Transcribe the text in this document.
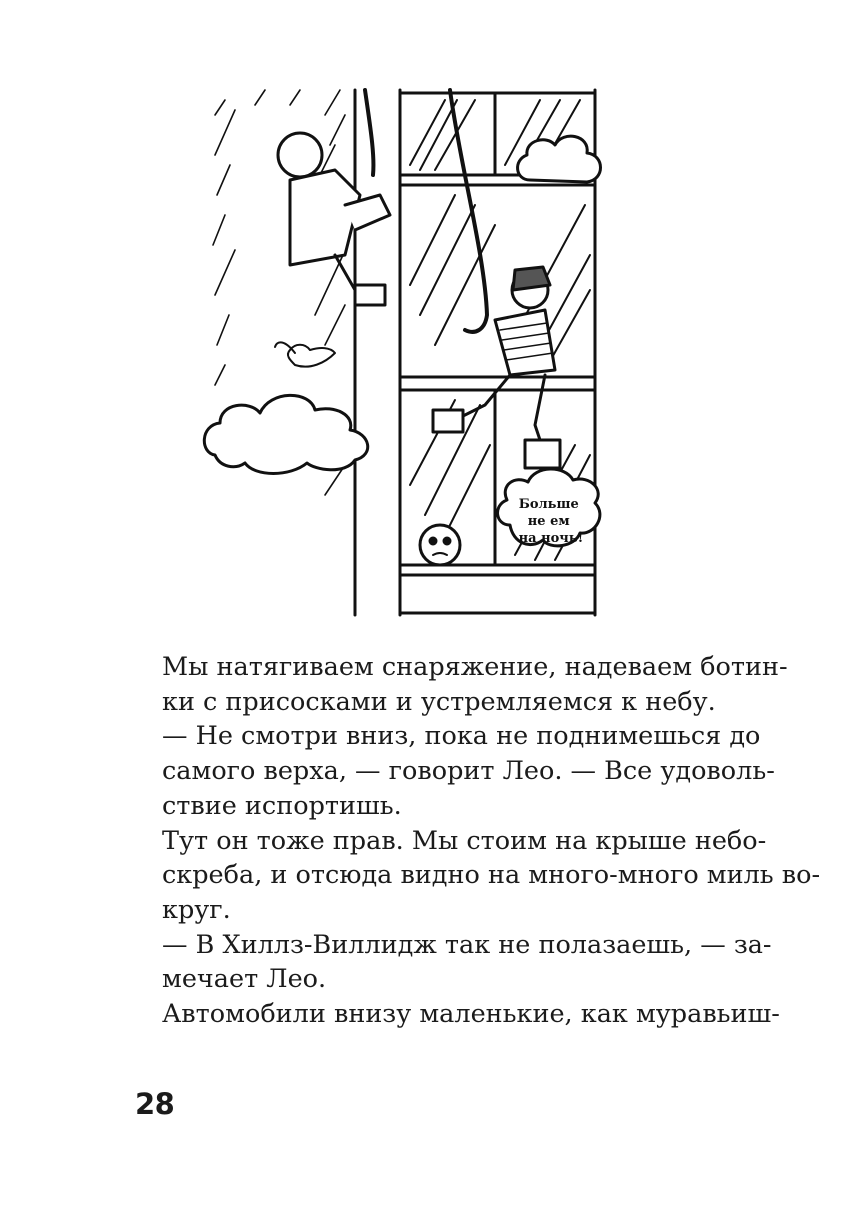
Больше не ем на ночь!
Мы натягиваем снаряжение, надеваем ботин-
ки с присосками и устремляемся к небу.
— Не смотри вниз, пока не поднимешься до
самого верха, — говорит Лео. — Все удоволь-
ствие испортишь.
Тут он тоже прав. Мы стоим на крыше небо-
скреба, и отсюда видно на много-много миль во-
круг.
— В Хиллз-Виллидж так не полазаешь, — за-
мечает Лео.
Автомобили внизу маленькие, как муравьиш-
28
